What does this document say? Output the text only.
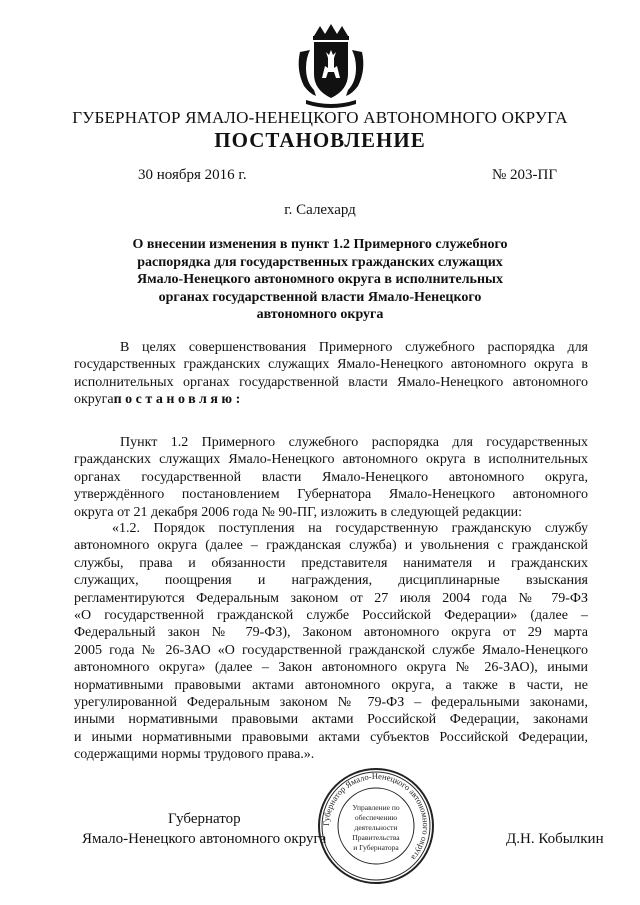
ГУБЕРНАТОР ЯМАЛО-НЕНЕЦКОГО АВТОНОМНОГО ОКРУГА
ПОСТАНОВЛЕНИЕ
30 ноября 2016 г.	№ 203-ПГ
г. Салехард
О внесении изменения в пункт 1.2 Примерного служебного
распорядка для государственных гражданских служащих
Ямало-Ненецкого автономного округа в исполнительных
органах государственной власти Ямало-Ненецкого
автономного округа
В целях совершенствования Примерного служебного распорядка для
государственных гражданских служащих Ямало-Ненецкого автономного округа в
исполнительных органах государственной власти Ямало-Ненецкого автономного
округапостановляю:
Пункт 1.2 Примерного служебного распорядка для государственных
гражданских служащих Ямало-Ненецкого автономного округа в исполнительных
органах государственной власти Ямало-Ненецкого автономного округа,
утверждённого постановлением Губернатора Ямало-Ненецкого автономного
округа от 21 декабря 2006 года № 90-ПГ, изложить в следующей редакции:
«1.2. Порядок поступления на государственную гражданскую службу
автономного округа (далее – гражданская служба) и увольнения с гражданской
службы, права и обязанности представителя нанимателя и гражданских
служащих, поощрения и награждения, дисциплинарные взыскания
регламентируются Федеральным законом от 27 июля 2004 года № 79-ФЗ
«О государственной гражданской службе Российской Федерации» (далее –
Федеральный закон № 79-ФЗ), Законом автономного округа от 29 марта
2005 года № 26-ЗАО «О государственной гражданской службе Ямало-Ненецкого
автономного округа» (далее – Закон автономного округа № 26-ЗАО), иными
нормативными правовыми актами автономного округа, а также в части, не
урегулированной Федеральным законом № 79-ФЗ – федеральными законами,
иными нормативными правовыми актами Российской Федерации, законами
и иными нормативными правовыми актами субъектов Российской Федерации,
содержащими нормы трудового права.».
Губернатор
Ямало-Ненецкого автономного округа	Д.Н. Кобылкин
Губернатор Ямало-Ненецкого автономного округа
Управление по
обеспечению
деятельности
Правительства
и Губернатора
